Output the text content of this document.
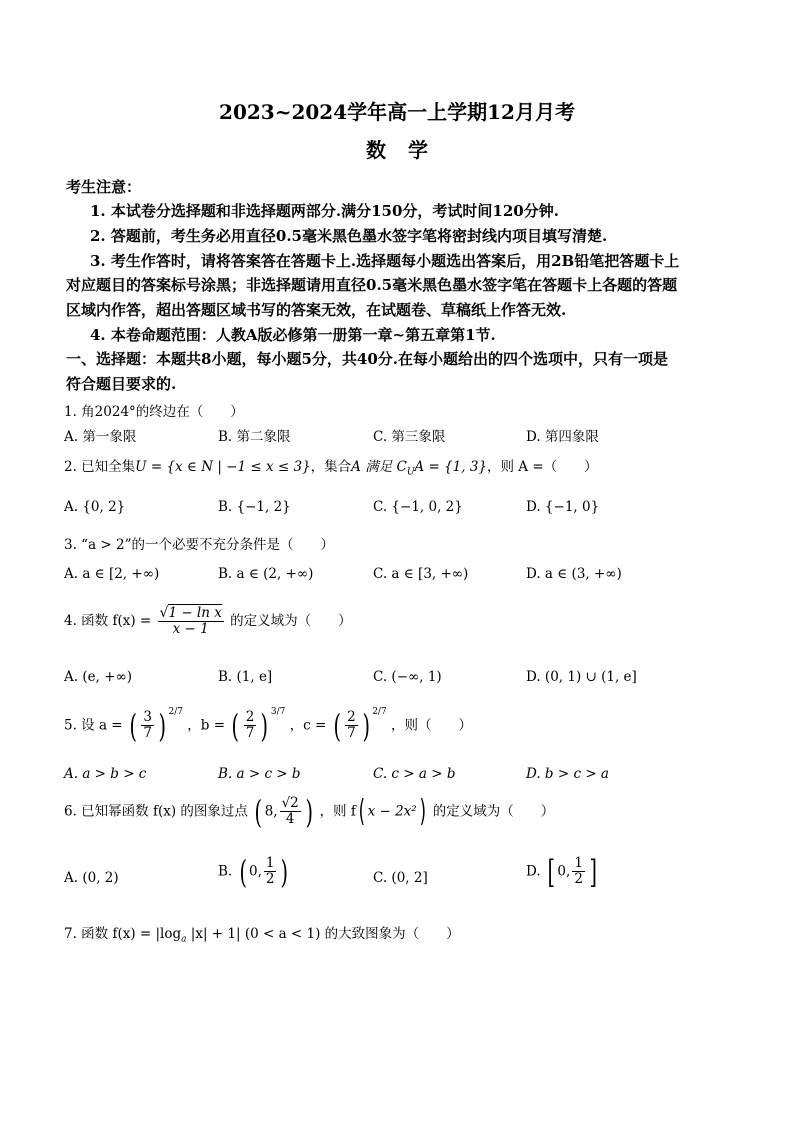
2023~2024学年高一上学期12月月考
数学
考生注意：
1. 本试卷分选择题和非选择题两部分.满分150分，考试时间120分钟.
2. 答题前，考生务必用直径0.5毫米黑色墨水签字笔将密封线内项目填写清楚.
3. 考生作答时，请将答案答在答题卡上.选择题每小题选出答案后，用2B铅笔把答题卡上
对应题目的答案标号涂黑；非选择题请用直径0.5毫米黑色墨水签字笔在答题卡上各题的答题
区域内作答，超出答题区域书写的答案无效，在试题卷、草稿纸上作答无效.
4. 本卷命题范围：人教A版必修第一册第一章~第五章第1节.
一、选择题：本题共8小题，每小题5分，共40分.在每小题给出的四个选项中，只有一项是
符合题目要求的.
1. 角2024°的终边在（　　）
A. 第一象限	B. 第二象限	C. 第三象限	D. 第四象限
2. 已知全集U = {x ∈ N | −1 ≤ x ≤ 3}，集合A 满足 $C_UA = \{1$, 3}，则 A =（　　）
A. {0, 2}	B. {−1, 2}	C. {−1, 0, 2}	D. {−1, 0}
3. “a > 2”的一个必要不充分条件是（　　）
A. a ∈ [2, +∞)	B. a ∈ (2, +∞)	C. a ∈ [3, +∞)	D. a ∈ (3, +∞)
4. 函数 $f(x) = \frac{\text{√1 − ln x}}{x - 1}$ 的定义域为（　　）
A. (e, +∞)	B. (1, e]	C. (−∞, 1)	D. (0, 1) ∪ (1, e]
5. 设 a = ( $\frac{3}{7}$ ) $^{2/7}$ ，b = ( $\frac{2}{7}$ ) $^{3/7}$ ，c = ( $\frac{2}{7}$ ) $^{2/7}$ ，则（　　）
A. a > b > c	B. a > c > b	C. c > a > b	D. b > c > a
6. 已知幂函数 f(x) 的图象过点 ( 8, $\frac{√2}{4}$ ) ，则 f( x − 2x²) 的定义域为（　　）
A. (0, 2)	B. ( 0, $\frac{1}{2}$ )	C. (0, 2]	D. [ 0, $\frac{1}{2}$ ]
7. 函数 $f(x) = |\log_a$ |x| + 1| (0 < a < 1) 的大致图象为（　　）
